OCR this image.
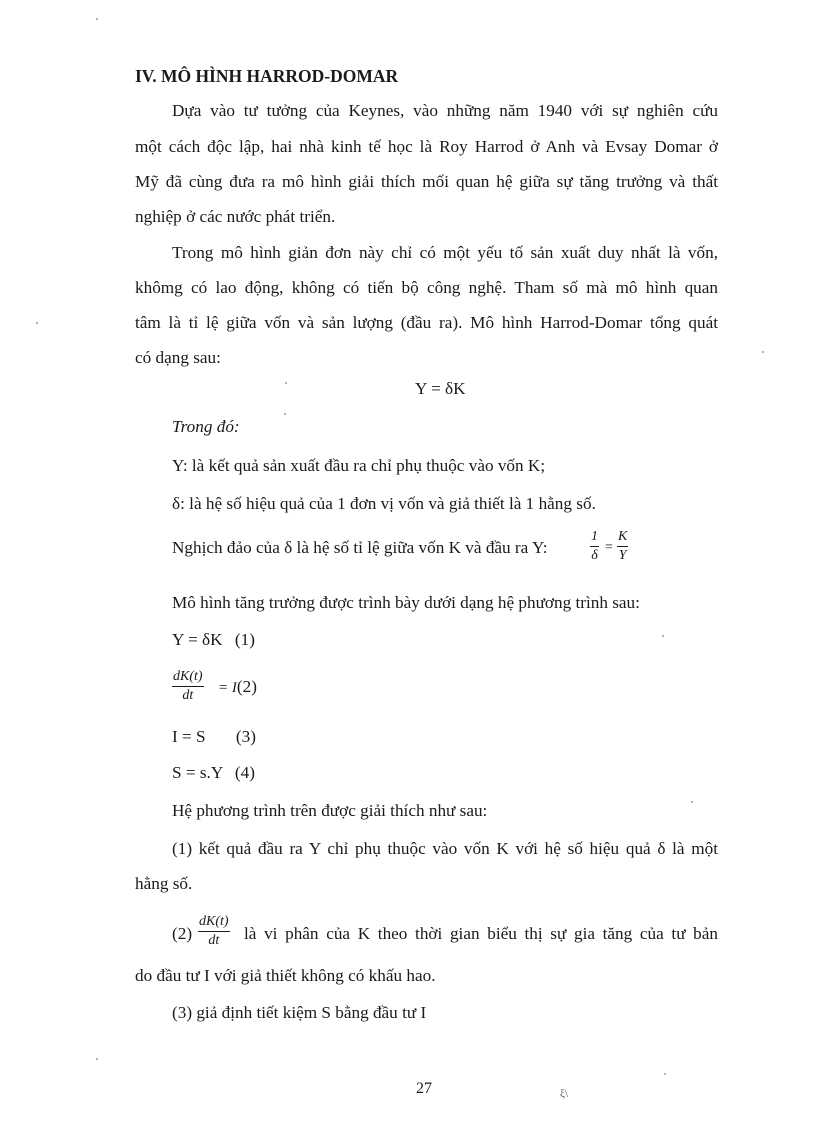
IV. MÔ HÌNH HARROD-DOMAR
Dựa vào tư tưởng của Keynes, vào những năm 1940 với sự nghiên cứu
một cách độc lập, hai nhà kinh tế học là Roy Harrod ở Anh và Evsay Domar ở
Mỹ đã cùng đưa ra mô hình giải thích mối quan hệ giữa sự tăng trưởng và thất
nghiệp ở các nước phát triển.
Trong mô hình giản đơn này chỉ có một yếu tố sản xuất duy nhất là vốn,
khômg có lao động, không có tiến bộ công nghệ. Tham số mà mô hình quan
tâm là tỉ lệ giữa vốn và sản lượng (đầu ra). Mô hình Harrod-Domar tổng quát
có dạng sau:
Y = δK
Trong đó:
Y: là kết quả sản xuất đầu ra chỉ phụ thuộc vào vốn K;
δ: là hệ số hiệu quả của 1 đơn vị vốn và giả thiết là 1 hằng số.
Nghịch đảo của δ là hệ số tỉ lệ giữa vốn K và đầu ra Y:	$\frac{1}{\delta} = \frac{K}{Y}$
Mô hình tăng trưởng được trình bày dưới dạng hệ phương trình sau:
Y = δK (1)
$\frac{dK(t)}{dt} = I(2)$
I = S (3)
S = s.Y (4)
Hệ phương trình trên được giải thích như sau:
(1) kết quả đầu ra Y chỉ phụ thuộc vào vốn K với hệ số hiệu quả δ là một
hằng số.
$(2) \frac{dK(t)}{dt}$ là vi phân của K theo thời gian biểu thị sự gia tăng của tư bản
do đầu tư I với giả thiết không có khấu hao.
(3) giả định tiết kiệm S bằng đầu tư I
27	ξ\
